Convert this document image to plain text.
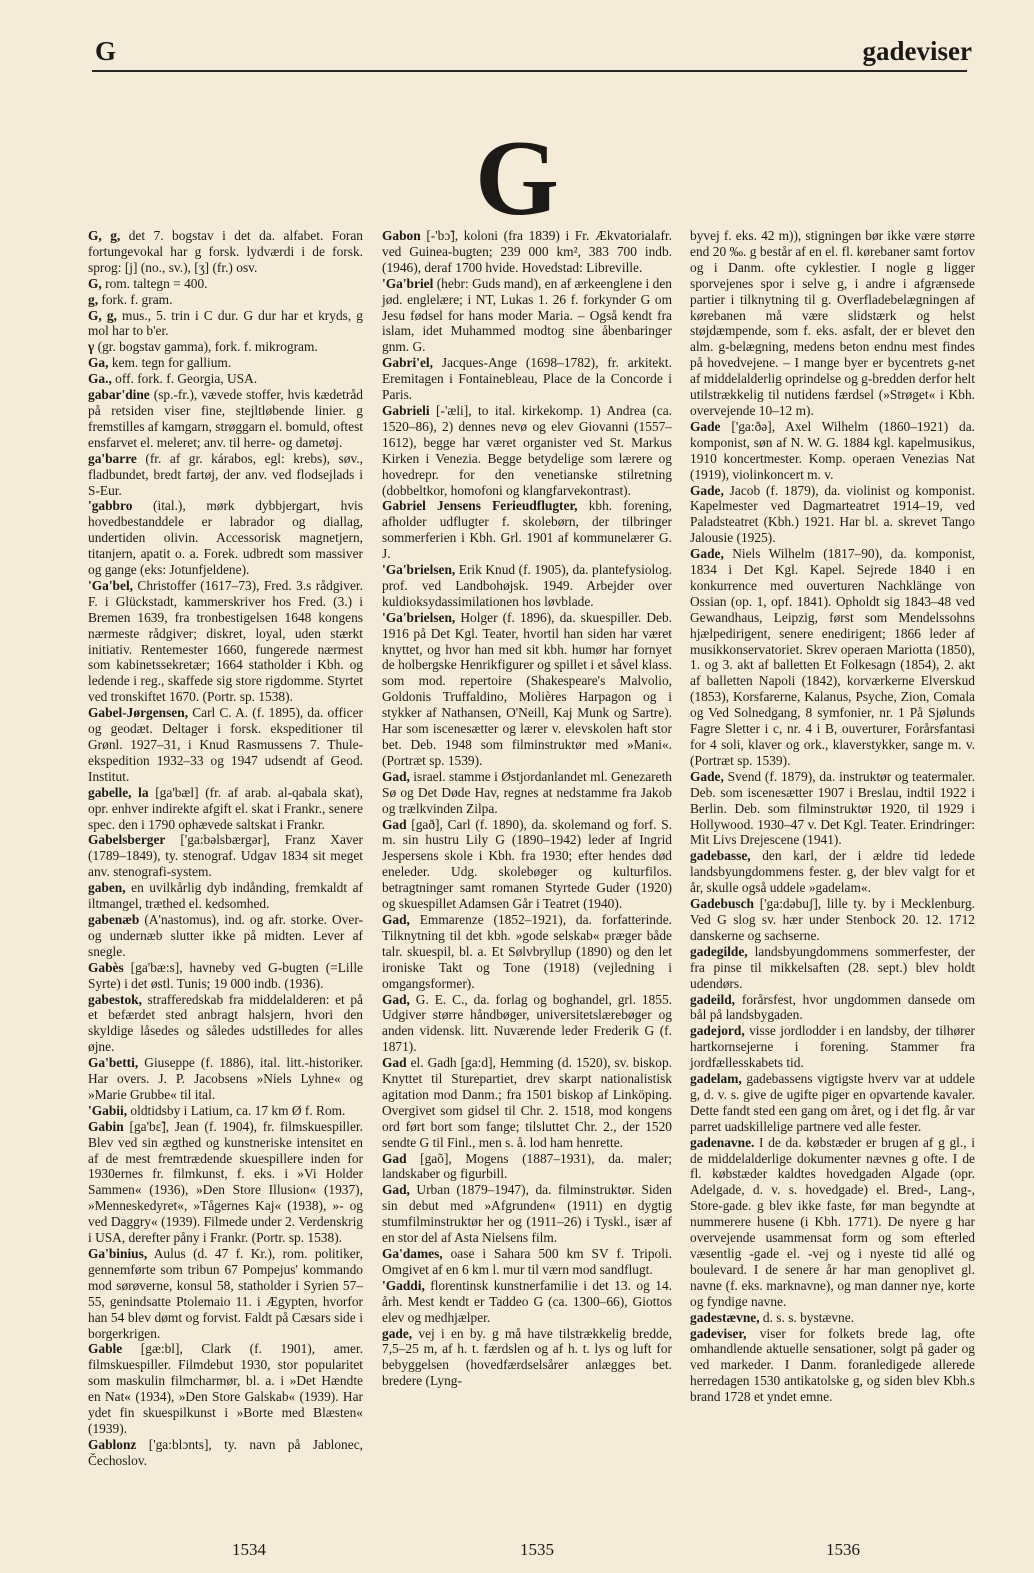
G	gadeviser
G

G, g, det 7. bogstav i det da. alfabet. Foran fortungevokal har g forsk. lydværdi i de forsk. sprog: [j] (no., sv.), [ʒ] (fr.) osv.

G, rom. taltegn = 400.

g, fork. f. gram.

G, g, mus., 5. trin i C dur. G dur har et kryds, g mol har to b'er.

γ (gr. bogstav gamma), fork. f. mikrogram.

Ga, kem. tegn for gallium.

Ga., off. fork. f. Georgia, USA.

gabar'dine (sp.-fr.), vævede stoffer, hvis kædetråd på retsiden viser fine, stejltløbende linier. g fremstilles af kamgarn, strøggarn el. bomuld, oftest ensfarvet el. meleret; anv. til herre- og dametøj.

ga'barre (fr. af gr. kárabos, egl: krebs), søv., fladbundet, bredt fartøj, der anv. ved flodsejlads i S-Eur.

'gabbro (ital.), mørk dybbjergart, hvis hovedbestanddele er labrador og diallag, undertiden olivin. Accessorisk magnetjern, titanjern, apatit o. a. Forek. udbredt som massiver og gange (eks: Jotunfjeldene).

'Ga'bel, Christoffer (1617–73), Fred. 3.s rådgiver. F. i Glückstadt, kammerskriver hos Fred. (3.) i Bremen 1639, fra tronbestigelsen 1648 kongens nærmeste rådgiver; diskret, loyal, uden stærkt initiativ. Rentemester 1660, fungerede nærmest som kabinetssekretær; 1664 statholder i Kbh. og ledende i reg., skaffede sig store rigdomme. Styrtet ved tronskiftet 1670. (Portr. sp. 1538).

Gabel-Jørgensen, Carl C. A. (f. 1895), da. officer og geodæt. Deltager i forsk. ekspeditioner til Grønl. 1927–31, i Knud Rasmussens 7. Thule-ekspedition 1932–33 og 1947 udsendt af Geod. Institut.

gabelle, la [ga'bæl] (fr. af arab. al-qabala skat), opr. enhver indirekte afgift el. skat i Frankr., senere spec. den i 1790 ophævede saltskat i Frankr.

Gabelsberger ['ga:bəlsbærgər], Franz Xaver (1789–1849), ty. stenograf. Udgav 1834 sit meget anv. stenografi-system.

gaben, en uvilkårlig dyb indånding, fremkaldt af iltmangel, træthed el. kedsomhed.

gabenæb (A'nastomus), ind. og afr. storke. Over- og undernæb slutter ikke på midten. Lever af snegle.

Gabès [ga'bæ:s], havneby ved G-bugten (=Lille Syrte) i det østl. Tunis; 19 000 indb. (1936).

gabestok, strafferedskab fra middelalderen: et på et befærdet sted anbragt halsjern, hvori den skyldige låsedes og således udstilledes for alles øjne.

Ga'betti, Giuseppe (f. 1886), ital. litt.-historiker. Har overs. J. P. Jacobsens »Niels Lyhne« og »Marie Grubbe« til ital.

'Gabii, oldtidsby i Latium, ca. 17 km Ø f. Rom.

Gabin [ga'bɛ̃], Jean (f. 1904), fr. filmskuespiller. Blev ved sin ægthed og kunstneriske intensitet en af de mest fremtrædende skuespillere inden for 1930ernes fr. filmkunst, f. eks. i »Vi Holder Sammen« (1936), »Den Store Illusion« (1937), »Menneskedyret«, »Tågernes Kaj« (1938), »- og ved Daggry« (1939). Filmede under 2. Verdenskrig i USA, derefter påny i Frankr. (Portr. sp. 1538).

Ga'binius, Aulus (d. 47 f. Kr.), rom. politiker, gennemførte som tribun 67 Pompejus' kommando mod sørøverne, konsul 58, statholder i Syrien 57–55, genindsatte Ptolemaio 11. i Ægypten, hvorfor han 54 blev dømt og forvist. Faldt på Cæsars side i borgerkrigen.

Gable [gæ:bl], Clark (f. 1901), amer. filmskuespiller. Filmdebut 1930, stor popularitet som maskulin filmcharmør, bl. a. i »Det Hændte en Nat« (1934), »Den Store Galskab« (1939). Har ydet fin skuespilkunst i »Borte med Blæsten« (1939).

Gablonz ['ga:blɔnts], ty. navn på Jablonec, Čechoslov.

Gabon [-'bɔ̃], koloni (fra 1839) i Fr. Ækvatorialafr. ved Guinea-bugten; 239 000 km², 383 700 indb. (1946), deraf 1700 hvide. Hovedstad: Libreville.

'Ga'briel (hebr: Guds mand), en af ærkeenglene i den jød. englelære; i NT, Lukas 1. 26 f. forkynder G om Jesu fødsel for hans moder Maria. – Også kendt fra islam, idet Muhammed modtog sine åbenbaringer gnm. G.

Gabri'el, Jacques-Ange (1698–1782), fr. arkitekt. Eremitagen i Fontainebleau, Place de la Concorde i Paris.

Gabrieli [-'æli], to ital. kirkekomp. 1) Andrea (ca. 1520–86), 2) dennes nevø og elev Giovanni (1557–1612), begge har været organister ved St. Markus Kirken i Venezia. Begge betydelige som lærere og hovedrepr. for den venetianske stilretning (dobbeltkor, homofoni og klangfarvekontrast).

Gabriel Jensens Ferieudflugter, kbh. forening, afholder udflugter f. skolebørn, der tilbringer sommerferien i Kbh. Grl. 1901 af kommunelærer G. J.

'Ga'brielsen, Erik Knud (f. 1905), da. plantefysiolog. prof. ved Landbohøjsk. 1949. Arbejder over kuldioksydassimilationen hos løvblade.

'Ga'brielsen, Holger (f. 1896), da. skuespiller. Deb. 1916 på Det Kgl. Teater, hvortil han siden har været knyttet, og hvor han med sit kbh. humør har fornyet de holbergske Henrikfigurer og spillet i et såvel klass. som mod. repertoire (Shakespeare's Malvolio, Goldonis Truffaldino, Molières Harpagon og i stykker af Nathansen, O'Neill, Kaj Munk og Sartre). Har som iscenesætter og lærer v. elevskolen haft stor bet. Deb. 1948 som filminstruktør med »Mani«. (Portræt sp. 1539).

Gad, israel. stamme i Østjordanlandet ml. Genezareth Sø og Det Døde Hav, regnes at nedstamme fra Jakob og trælkvinden Zilpa.

Gad [gað], Carl (f. 1890), da. skolemand og forf. S. m. sin hustru Lily G (1890–1942) leder af Ingrid Jespersens skole i Kbh. fra 1930; efter hendes død eneleder. Udg. skolebøger og kulturfilos. betragtninger samt romanen Styrtede Guder (1920) og skuespillet Adamsen Går i Teatret (1940).

Gad, Emmarenze (1852–1921), da. forfatterinde. Tilknytning til det kbh. »gode selskab« præger både talr. skuespil, bl. a. Et Sølvbryllup (1890) og den let ironiske Takt og Tone (1918) (vejledning i omgangsformer).

Gad, G. E. C., da. forlag og boghandel, grl. 1855. Udgiver større håndbøger, universitetslærebøger og anden vidensk. litt. Nuværende leder Frederik G (f. 1871).

Gad el. Gadh [ga:d], Hemming (d. 1520), sv. biskop. Knyttet til Sturepartiet, drev skarpt nationalistisk agitation mod Danm.; fra 1501 biskop af Linköping. Overgivet som gidsel til Chr. 2. 1518, mod kongens ord ført bort som fange; tilsluttet Chr. 2., der 1520 sendte G til Finl., men s. å. lod ham henrette.

Gad [gaõ], Mogens (1887–1931), da. maler; landskaber og figurbill.

Gad, Urban (1879–1947), da. filminstruktør. Siden sin debut med »Afgrunden« (1911) en dygtig stumfilminstruktør her og (1911–26) i Tyskl., især af en stor del af Asta Nielsens film.

Ga'dames, oase i Sahara 500 km SV f. Tripoli. Omgivet af en 6 km l. mur til værn mod sandflugt.

'Gaddi, florentinsk kunstnerfamilie i det 13. og 14. årh. Mest kendt er Taddeo G (ca. 1300–66), Giottos elev og medhjælper.

gade, vej i en by. g må have tilstrækkelig bredde, 7,5–25 m, af h. t. færdslen og af h. t. lys og luft for bebyggelsen (hovedfærdselsårer anlægges bet. bredere (Lyng-

byvej f. eks. 42 m)), stigningen bør ikke være større end 20 ‰. g består af en el. fl. kørebaner samt fortov og i Danm. ofte cyklestier. I nogle g ligger sporvejenes spor i selve g, i andre i afgrænsede partier i tilknytning til g. Overfladebelægningen af kørebanen må være slidstærk og helst støjdæmpende, som f. eks. asfalt, der er blevet den alm. g-belægning, medens beton endnu mest findes på hovedvejene. – I mange byer er bycentrets g-net af middelalderlig oprindelse og g-bredden derfor helt utilstrækkelig til nutidens færdsel (»Strøget« i Kbh. overvejende 10–12 m).

Gade ['ga:ðə], Axel Wilhelm (1860–1921) da. komponist, søn af N. W. G. 1884 kgl. kapelmusikus, 1910 koncertmester. Komp. operaen Venezias Nat (1919), violinkoncert m. v.

Gade, Jacob (f. 1879), da. violinist og komponist. Kapelmester ved Dagmarteatret 1914–19, ved Paladsteatret (Kbh.) 1921. Har bl. a. skrevet Tango Jalousie (1925).

Gade, Niels Wilhelm (1817–90), da. komponist, 1834 i Det Kgl. Kapel. Sejrede 1840 i en konkurrence med ouverturen Nachklänge von Ossian (op. 1, opf. 1841). Opholdt sig 1843–48 ved Gewandhaus, Leipzig, først som Mendelssohns hjælpedirigent, senere enedirigent; 1866 leder af musikkonservatoriet. Skrev operaen Mariotta (1850), 1. og 3. akt af balletten Et Folkesagn (1854), 2. akt af balletten Napoli (1842), korværkerne Elverskud (1853), Korsfarerne, Kalanus, Psyche, Zion, Comala og Ved Solnedgang, 8 symfonier, nr. 1 På Sjølunds Fagre Sletter i c, nr. 4 i B, ouverturer, Forårsfantasi for 4 soli, klaver og ork., klaverstykker, sange m. v. (Portræt sp. 1539).

Gade, Svend (f. 1879), da. instruktør og teatermaler. Deb. som iscenesætter 1907 i Breslau, indtil 1922 i Berlin. Deb. som filminstruktør 1920, til 1929 i Hollywood. 1930–47 v. Det Kgl. Teater. Erindringer: Mit Livs Drejescene (1941).

gadebasse, den karl, der i ældre tid ledede landsbyungdommens fester. g, der blev valgt for et år, skulle også uddele »gadelam«.

Gadebusch ['ga:dəbuʃ], lille ty. by i Mecklenburg. Ved G slog sv. hær under Stenbock 20. 12. 1712 danskerne og sachserne.

gadegilde, landsbyungdommens sommerfester, der fra pinse til mikkelsaften (28. sept.) blev holdt udendørs.

gadeild, forårsfest, hvor ungdommen dansede om bål på landsbygaden.

gadejord, visse jordlodder i en landsby, der tilhører hartkornsejerne i forening. Stammer fra jordfællesskabets tid.

gadelam, gadebassens vigtigste hverv var at uddele g, d. v. s. give de ugifte piger en opvartende kavaler. Dette fandt sted een gang om året, og i det flg. år var parret uadskillelige partnere ved alle fester.

gadenavne. I de da. købstæder er brugen af g gl., i de middelalderlige dokumenter nævnes g ofte. I de fl. købstæder kaldtes hovedgaden Algade (opr. Adelgade, d. v. s. hovedgade) el. Bred-, Lang-, Store-gade. g blev ikke faste, før man begyndte at nummerere husene (i Kbh. 1771). De nyere g har overvejende usammensat form og som efterled væsentlig -gade el. -vej og i nyeste tid allé og boulevard. I de senere år har man genoplivet gl. navne (f. eks. marknavne), og man danner nye, korte og fyndige navne.

gadestævne, d. s. s. bystævne.

gadeviser, viser for folkets brede lag, ofte omhandlende aktuelle sensationer, solgt på gader og ved markeder. I Danm. foranledigede allerede herredagen 1530 antikatolske g, og siden blev Kbh.s brand 1728 et yndet emne.

1534	1535	1536
